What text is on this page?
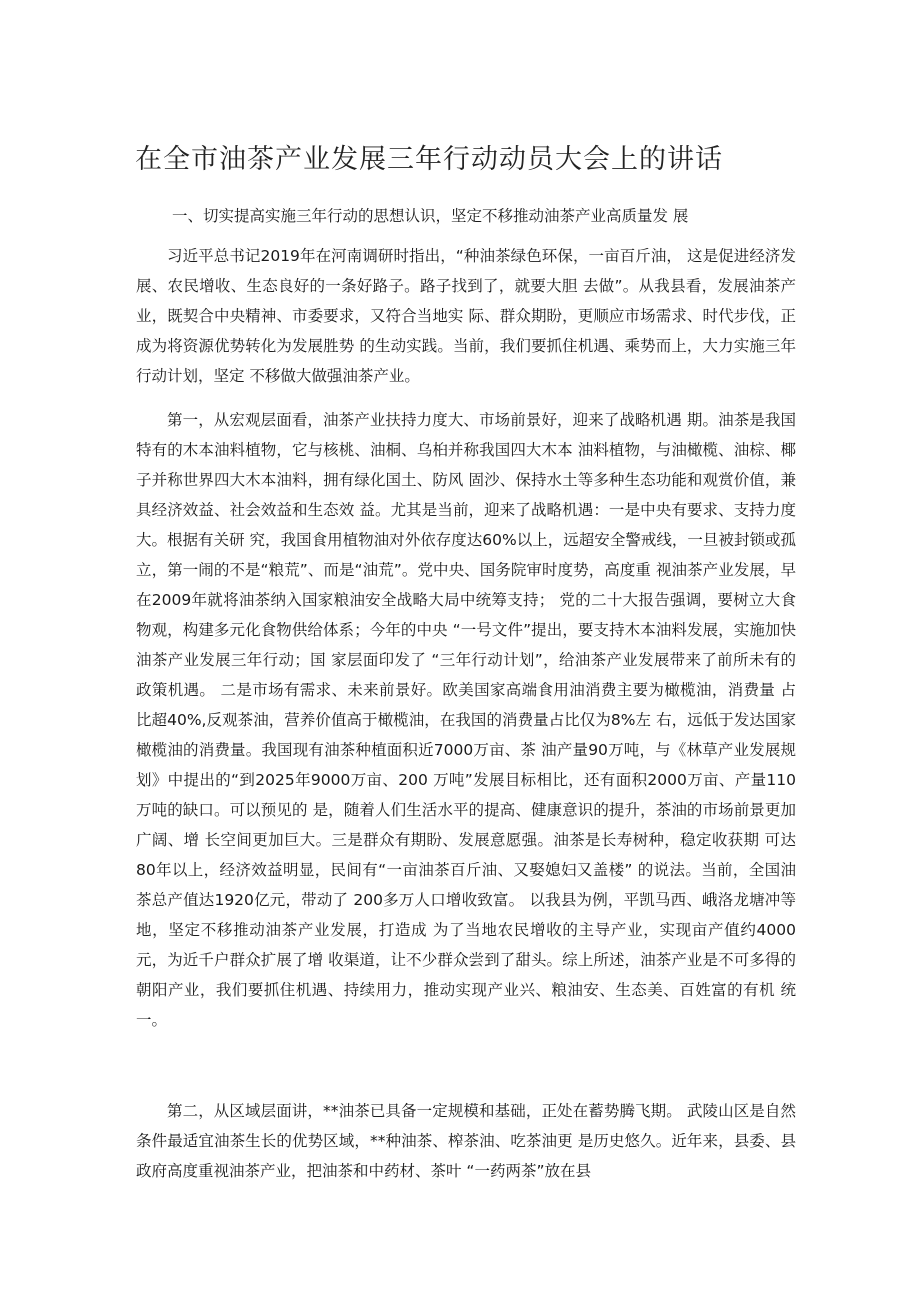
在全市油茶产业发展三年行动动员大会上的讲话
一、切实提高实施三年行动的思想认识，坚定不移推动油茶产业高质量发 展

习近平总书记2019年在河南调研时指出，“种油茶绿色环保，一亩百斤油， 这是促进经济发展、农民增收、生态良好的一条好路子。路子找到了，就要大胆 去做”。从我县看，发展油茶产业，既契合中央精神、市委要求，又符合当地实 际、群众期盼，更顺应市场需求、时代步伐，正成为将资源优势转化为发展胜势 的生动实践。当前，我们要抓住机遇、乘势而上，大力实施三年行动计划，坚定 不移做大做强油茶产业。

第一，从宏观层面看，油茶产业扶持力度大、市场前景好，迎来了战略机遇 期。油茶是我国特有的木本油料植物，它与核桃、油桐、乌桕并称我国四大木本 油料植物，与油橄榄、油棕、椰子并称世界四大木本油料，拥有绿化国土、防风 固沙、保持水土等多种生态功能和观赏价值，兼具经济效益、社会效益和生态效 益。尤其是当前，迎来了战略机遇：一是中央有要求、支持力度大。根据有关研 究，我国食用植物油对外依存度达60%以上，远超安全警戒线，一旦被封锁或孤 立，第一闹的不是“粮荒”、而是“油荒”。党中央、国务院审时度势，高度重 视油茶产业发展，早在2009年就将油茶纳入国家粮油安全战略大局中统筹支持； 党的二十大报告强调，要树立大食物观，构建多元化食物供给体系；今年的中央 “一号文件”提出，要支持木本油料发展，实施加快油茶产业发展三年行动；国 家层面印发了 “三年行动计划”，给油茶产业发展带来了前所未有的政策机遇。 二是市场有需求、未来前景好。欧美国家高端食用油消费主要为橄榄油，消费量 占比超40%,反观茶油，营养价值高于橄榄油，在我国的消费量占比仅为8%左 右，远低于发达国家橄榄油的消费量。我国现有油茶种植面积近7000万亩、茶 油产量90万吨，与《林草产业发展规划》中提出的“到2025年9000万亩、200 万吨”发展目标相比，还有面积2000万亩、产量110万吨的缺口。可以预见的 是，随着人们生活水平的提高、健康意识的提升，茶油的市场前景更加广阔、增 长空间更加巨大。三是群众有期盼、发展意愿强。油茶是长寿树种，稳定收获期 可达80年以上，经济效益明显，民间有“一亩油茶百斤油、又娶媳妇又盖楼” 的说法。当前，全国油茶总产值达1920亿元，带动了 200多万人口增收致富。 以我县为例，平凯马西、峨洛龙塘冲等地，坚定不移推动油茶产业发展，打造成 为了当地农民增收的主导产业，实现亩产值约4000元，为近千户群众扩展了增 收渠道，让不少群众尝到了甜头。综上所述，油茶产业是不可多得的朝阳产业，我们要抓住机遇、持续用力，推动实现产业兴、粮油安、生态美、百姓富的有机 统一。

第二，从区域层面讲，**油茶已具备一定规模和基础，正处在蓄势腾飞期。 武陵山区是自然条件最适宜油茶生长的优势区域，**种油茶、榨茶油、吃茶油更 是历史悠久。近年来，县委、县政府高度重视油茶产业，把油茶和中药材、茶叶 “一药两茶”放在县
